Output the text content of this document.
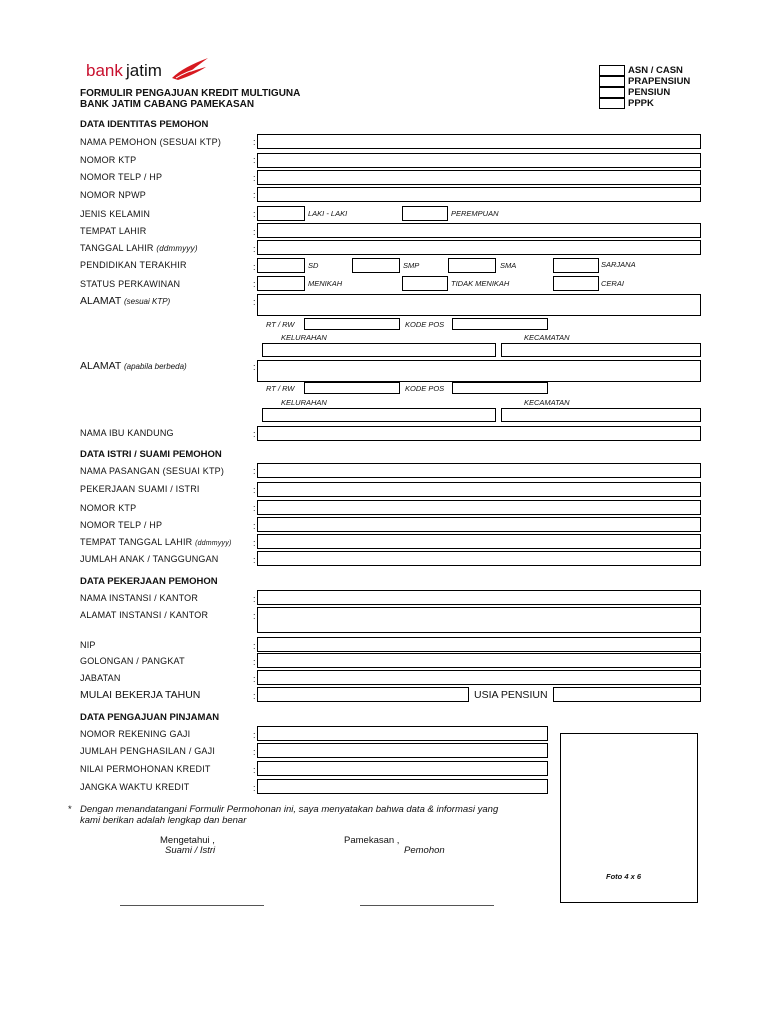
bank jatim
FORMULIR PENGAJUAN KREDIT MULTIGUNA
BANK JATIM CABANG PAMEKASAN
ASN / CASN
PRAPENSIUN
PENSIUN
PPPK
DATA IDENTITAS PEMOHON
NAMA PEMOHON (SESUAI KTP)	:
NOMOR KTP	:
NOMOR TELP / HP	:
NOMOR NPWP	:
JENIS KELAMIN	:	LAKI - LAKI	PEREMPUAN
TEMPAT LAHIR	:
TANGGAL LAHIR (ddmmyyy)	:
PENDIDIKAN TERAKHIR	:	SD	SMP	SMA	SARJANA
STATUS PERKAWINAN	:	MENIKAH	TIDAK MENIKAH	CERAI
ALAMAT (sesuai KTP)	:
RT / RW	KODE POS
KELURAHAN	KECAMATAN
ALAMAT (apabila berbeda)	:
RT / RW	KODE POS
KELURAHAN	KECAMATAN
NAMA IBU KANDUNG	:
DATA ISTRI / SUAMI PEMOHON
NAMA PASANGAN (SESUAI KTP)	:
PEKERJAAN SUAMI / ISTRI	:
NOMOR KTP	:
NOMOR TELP / HP	:
TEMPAT TANGGAL LAHIR (ddmmyyy) :
JUMLAH ANAK / TANGGUNGAN	:
DATA PEKERJAAN PEMOHON
NAMA INSTANSI / KANTOR	:
ALAMAT INSTANSI / KANTOR	:
NIP	:
GOLONGAN / PANGKAT	:
JABATAN	:
MULAI BEKERJA TAHUN	:	USIA PENSIUN
DATA PENGAJUAN PINJAMAN
NOMOR REKENING GAJI	:
JUMLAH PENGHASILAN / GAJI	:
NILAI PERMOHONAN KREDIT	:
JANGKA WAKTU KREDIT	:
Foto 4 x 6
* Dengan menandatangani Formulir Permohonan ini, saya menyatakan bahwa data & informasi yang
kami berikan adalah lengkap dan benar
Mengetahui ,
Suami / Istri
Pamekasan ,
Pemohon
